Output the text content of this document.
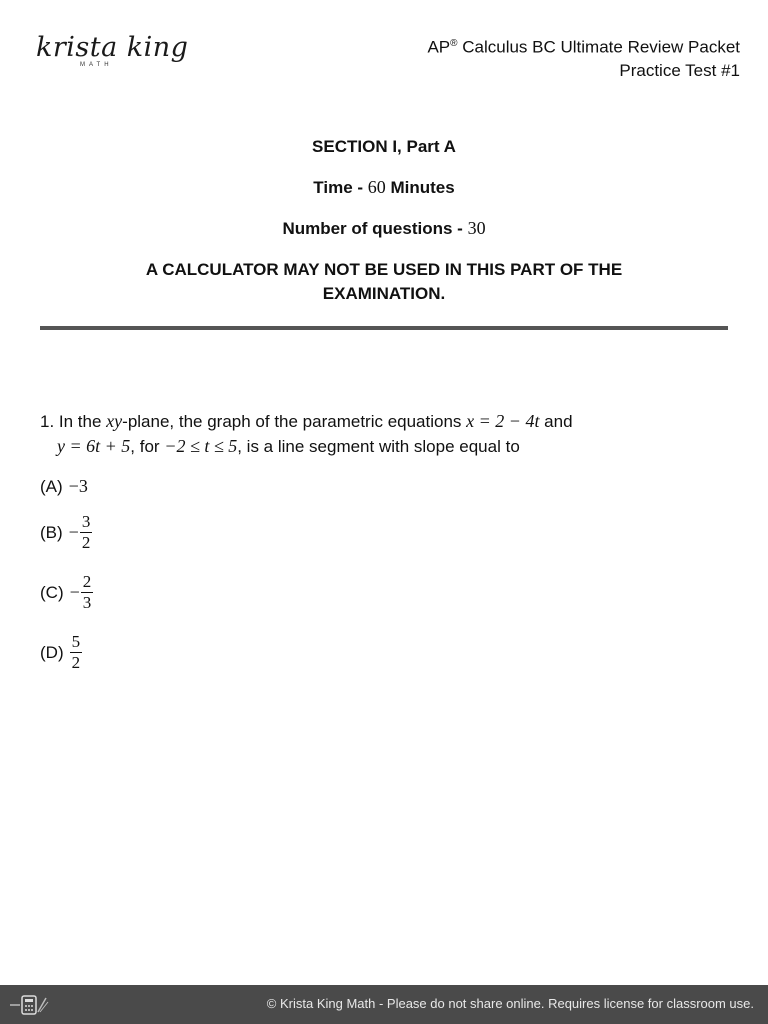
krista king
MATH
AP® Calculus BC Ultimate Review Packet
Practice Test #1
SECTION I, Part A
Time - 60 Minutes
Number of questions - 30
A CALCULATOR MAY NOT BE USED IN THIS PART OF THE EXAMINATION.
1. In the xy-plane, the graph of the parametric equations x = 2 − 4t and
y = 6t + 5, for −2 ≤ t ≤ 5, is a line segment with slope equal to
(A) −3
$(B) - \frac{3}{2}$
$(C) - \frac{2}{3}$
$(D) \frac{5}{2}$
© Krista King Math - Please do not share online. Requires license for classroom use.
